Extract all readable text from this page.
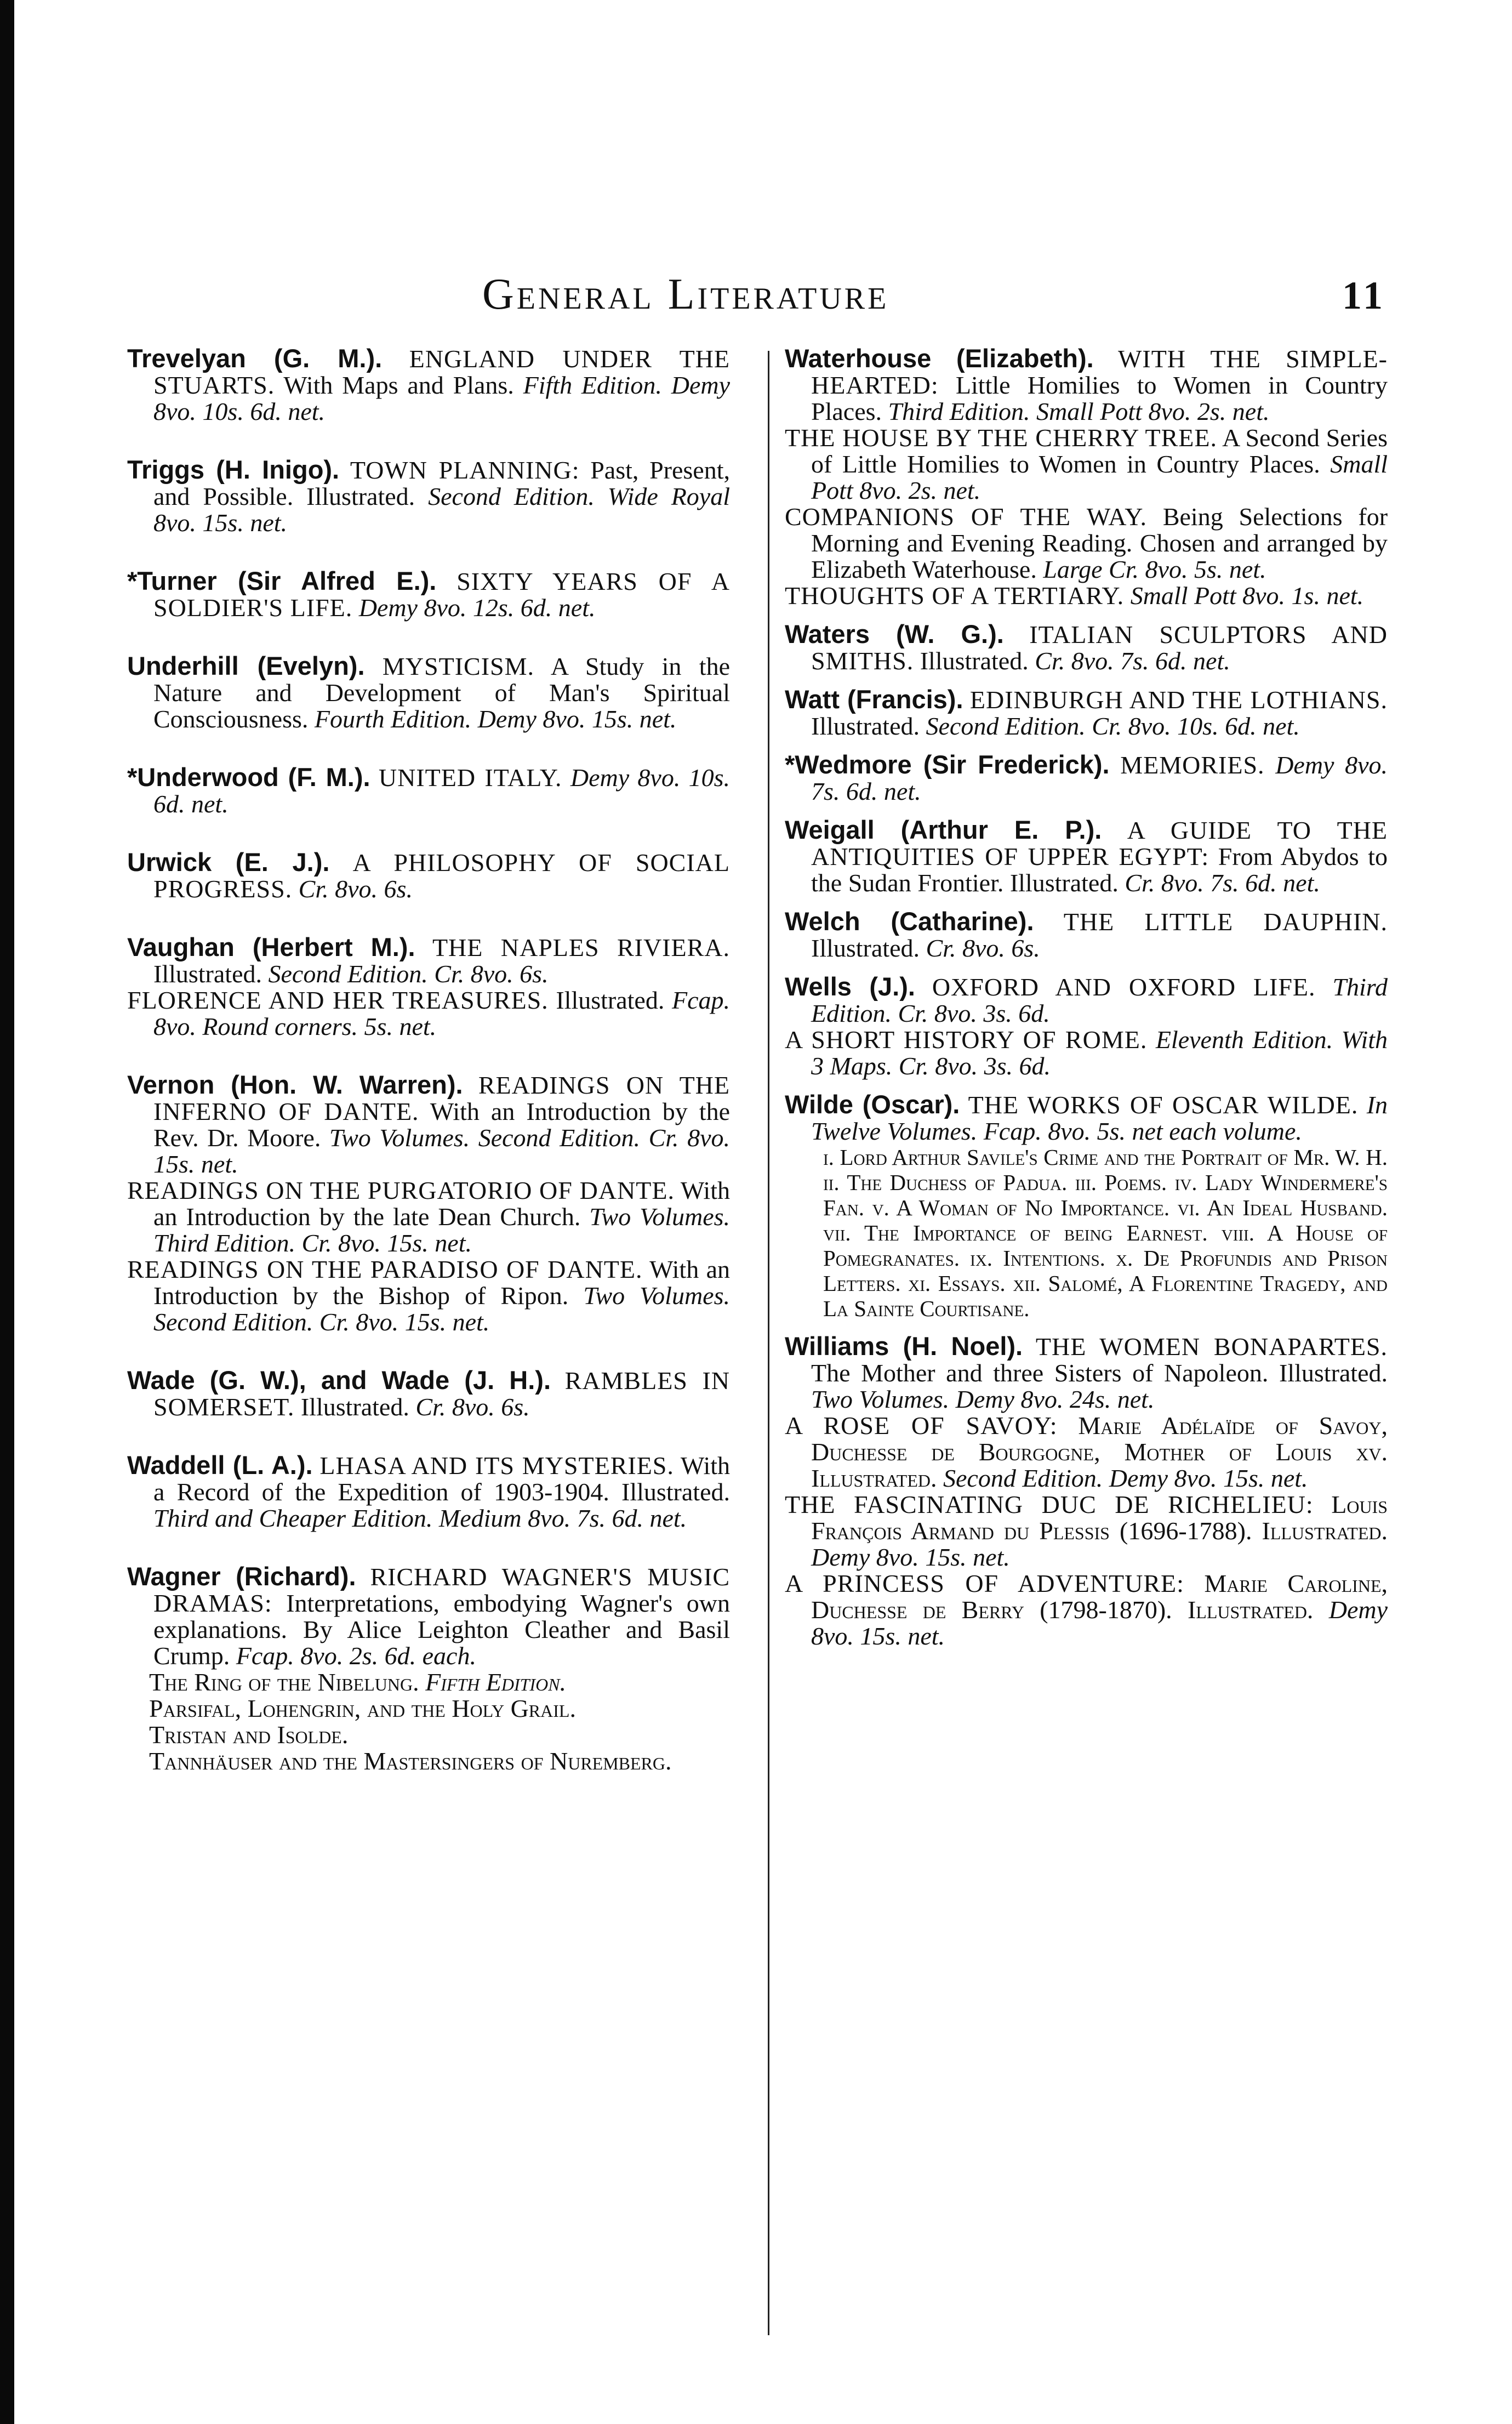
General Literature	11
Trevelyan (G. M.). ENGLAND UNDER THE STUARTS. With Maps and Plans. Fifth Edition. Demy 8vo. 10s. 6d. net.
Triggs (H. Inigo). TOWN PLANNING: Past, Present, and Possible. Illustrated. Second Edition. Wide Royal 8vo. 15s. net.
*Turner (Sir Alfred E.). SIXTY YEARS OF A SOLDIER'S LIFE. Demy 8vo. 12s. 6d. net.
Underhill (Evelyn). MYSTICISM. A Study in the Nature and Development of Man's Spiritual Consciousness. Fourth Edition. Demy 8vo. 15s. net.
*Underwood (F. M.). UNITED ITALY. Demy 8vo. 10s. 6d. net.
Urwick (E. J.). A PHILOSOPHY OF SOCIAL PROGRESS. Cr. 8vo. 6s.
Vaughan (Herbert M.). THE NAPLES RIVIERA. Illustrated. Second Edition. Cr. 8vo. 6s.
FLORENCE AND HER TREASURES. Illustrated. Fcap. 8vo. Round corners. 5s. net.
Vernon (Hon. W. Warren). READINGS ON THE INFERNO OF DANTE. With an Introduction by the Rev. Dr. Moore. Two Volumes. Second Edition. Cr. 8vo. 15s. net.
READINGS ON THE PURGATORIO OF DANTE. With an Introduction by the late Dean Church. Two Volumes. Third Edition. Cr. 8vo. 15s. net.
READINGS ON THE PARADISO OF DANTE. With an Introduction by the Bishop of Ripon. Two Volumes. Second Edition. Cr. 8vo. 15s. net.
Wade (G. W.), and Wade (J. H.). RAMBLES IN SOMERSET. Illustrated. Cr. 8vo. 6s.
Waddell (L. A.). LHASA AND ITS MYSTERIES. With a Record of the Expedition of 1903-1904. Illustrated. Third and Cheaper Edition. Medium 8vo. 7s. 6d. net.
Wagner (Richard). RICHARD WAGNER'S MUSIC DRAMAS: Interpretations, embodying Wagner's own explanations. By Alice Leighton Cleather and Basil Crump. Fcap. 8vo. 2s. 6d. each.
The Ring of the Nibelung. Fifth Edition.
Parsifal, Lohengrin, and the Holy Grail.
Tristan and Isolde.
Tannhäuser and the Mastersingers of Nuremberg.
Waterhouse (Elizabeth). WITH THE SIMPLE-HEARTED: Little Homilies to Women in Country Places. Third Edition. Small Pott 8vo. 2s. net.
THE HOUSE BY THE CHERRY TREE. A Second Series of Little Homilies to Women in Country Places. Small Pott 8vo. 2s. net.
COMPANIONS OF THE WAY. Being Selections for Morning and Evening Reading. Chosen and arranged by Elizabeth Waterhouse. Large Cr. 8vo. 5s. net.
THOUGHTS OF A TERTIARY. Small Pott 8vo. 1s. net.
Waters (W. G.). ITALIAN SCULPTORS AND SMITHS. Illustrated. Cr. 8vo. 7s. 6d. net.
Watt (Francis). EDINBURGH AND THE LOTHIANS. Illustrated. Second Edition. Cr. 8vo. 10s. 6d. net.
*Wedmore (Sir Frederick). MEMORIES. Demy 8vo. 7s. 6d. net.
Weigall (Arthur E. P.). A GUIDE TO THE ANTIQUITIES OF UPPER EGYPT: From Abydos to the Sudan Frontier. Illustrated. Cr. 8vo. 7s. 6d. net.
Welch (Catharine). THE LITTLE DAUPHIN. Illustrated. Cr. 8vo. 6s.
Wells (J.). OXFORD AND OXFORD LIFE. Third Edition. Cr. 8vo. 3s. 6d.
A SHORT HISTORY OF ROME. Eleventh Edition. With 3 Maps. Cr. 8vo. 3s. 6d.
Wilde (Oscar). THE WORKS OF OSCAR WILDE. In Twelve Volumes. Fcap. 8vo. 5s. net each volume.
i. Lord Arthur Savile's Crime and the Portrait of Mr. W. H. ii. The Duchess of Padua. iii. Poems. iv. Lady Windermere's Fan. v. A Woman of No Importance. vi. An Ideal Husband. vii. The Importance of being Earnest. viii. A House of Pomegranates. ix. Intentions. x. De Profundis and Prison Letters. xi. Essays. xii. Salomé, A Florentine Tragedy, and La Sainte Courtisane.
Williams (H. Noel). THE WOMEN BONAPARTES. The Mother and three Sisters of Napoleon. Illustrated. Two Volumes. Demy 8vo. 24s. net.
A ROSE OF SAVOY: Marie Adélaïde of Savoy, Duchesse de Bourgogne, Mother of Louis xv. Illustrated. Second Edition. Demy 8vo. 15s. net.
THE FASCINATING DUC DE RICHELIEU: Louis François Armand du Plessis (1696-1788). Illustrated. Demy 8vo. 15s. net.
A PRINCESS OF ADVENTURE: Marie Caroline, Duchesse de Berry (1798-1870). Illustrated. Demy 8vo. 15s. net.
